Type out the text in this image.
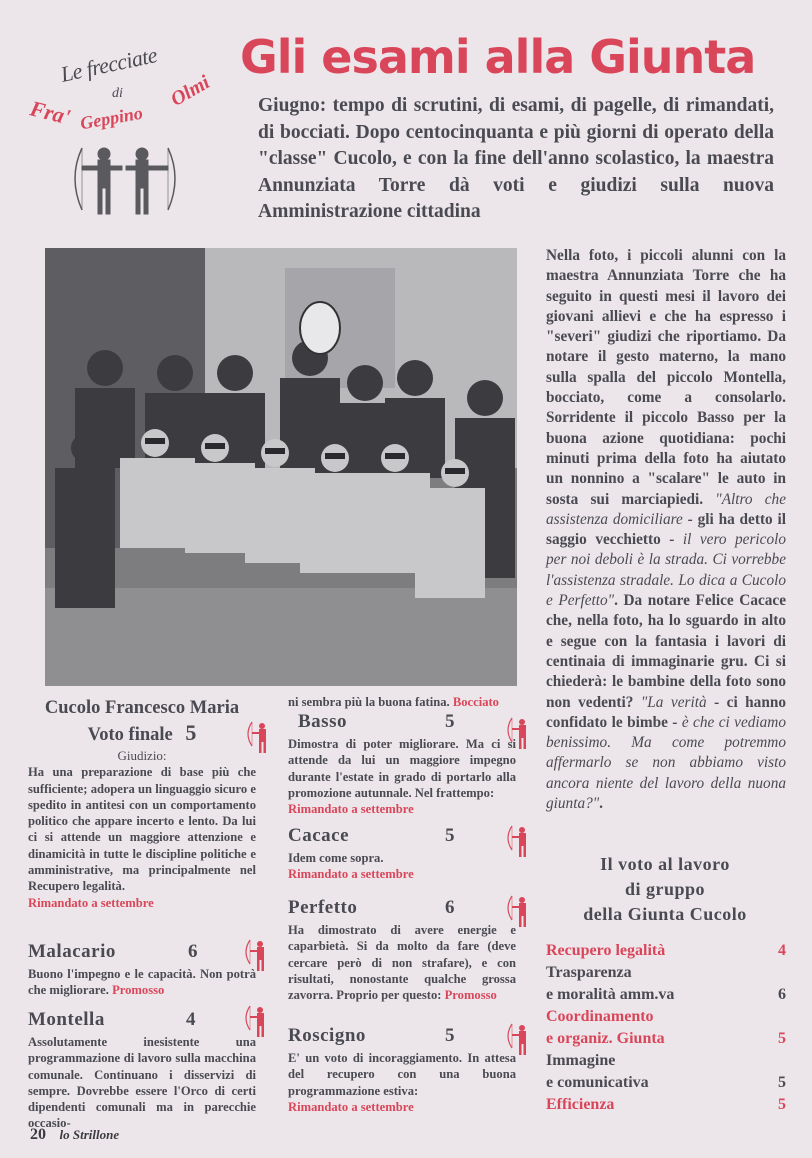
Le frecciate
di
Fra' Geppino
Olmi
Gli esami alla Giunta
Giugno: tempo di scrutini, di esami, di pagelle, di rimandati, di bocciati. Dopo centocinquanta e più giorni di operato della "classe" Cucolo, e con la fine dell'anno scolastico, la maestra Annunziata Torre dà voti e giudizi sulla nuova Amministrazione cittadina
Nella foto, i piccoli alunni con la maestra Annunziata Torre che ha seguito in questi mesi il lavoro dei giovani allievi e che ha espresso i "severi" giudizi che riportiamo. Da notare il gesto materno, la mano sulla spalla del piccolo Montella, bocciato, come a consolarlo. Sorridente il piccolo Basso per la buona azione quotidiana: pochi minuti prima della foto ha aiutato un nonnino a "scalare" le auto in sosta sui marciapiedi. "Altro che assistenza domiciliare - gli ha detto il saggio vecchietto - il vero pericolo per noi deboli è la strada. Ci vorrebbe l'assistenza stradale. Lo dica a Cucolo e Perfetto". Da notare Felice Cacace che, nella foto, ha lo sguardo in alto e segue con la fantasia i lavori di centinaia di immaginarie gru. Ci si chiederà: le bambine della foto sono non vedenti? "La verità - ci hanno confidato le bimbe - è che ci vediamo benissimo. Ma come potremmo affermarlo se non abbiamo visto ancora niente del lavoro della nuona giunta?".
Il voto al lavoro
di gruppo
della Giunta Cucolo
Recupero legalità	4
Trasparenza
e moralità amm.va	6
Coordinamento
e organiz. Giunta	5
Immagine
e comunicativa	5
Efficienza	5
Cucolo Francesco Maria
Voto finale 5
Giudizio:
Ha una preparazione di base più che sufficiente; adopera un linguaggio sicuro e spedito in antitesi con un comportamento politico che appare incerto e lento. Da lui ci si attende un maggiore attenzione e dinamicità in tutte le discipline politiche e amministrative, ma principalmente nel Recupero legalità.
Rimandato a settembre
Malacario	6
Buono l'impegno e le capacità. Non potrà che migliorare. Promosso
Montella	4
Assolutamente inesistente una programmazione di lavoro sulla macchina comunale. Continuano i disservizi di sempre. Dovrebbe essere l'Orco di certi dipendenti comunali ma in parecchie occasio-
ni sembra più la buona fatina. Bocciato
Basso	5
Dimostra di poter migliorare. Ma ci si attende da lui un maggiore impegno durante l'estate in grado di portarlo alla promozione autunnale. Nel frattempo:
Rimandato a settembre
Cacace	5
Idem come sopra.
Rimandato a settembre
Perfetto	6
Ha dimostrato di avere energie e caparbietà. Si da molto da fare (deve cercare però di non strafare), e con risultati, nonostante qualche grossa zavorra. Proprio per questo: Promosso
Roscigno	5
E' un voto di incoraggiamento. In attesa del recupero con una buona programmazione estiva:
Rimandato a settembre
20 lo Strillone
